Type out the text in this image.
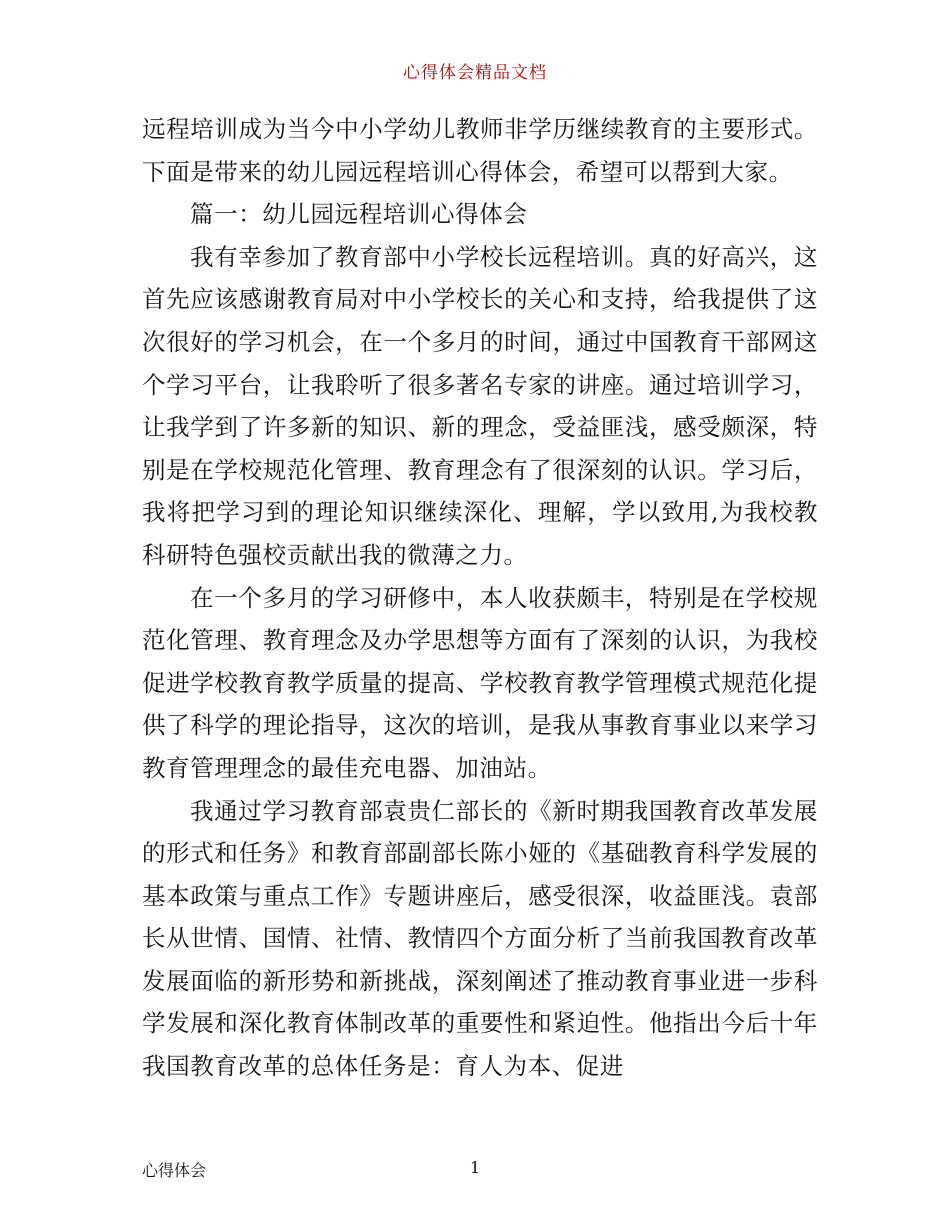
心得体会精品文档

远程培训成为当今中小学幼儿教师非学历继续教育的主要形式。下面是带来的幼儿园远程培训心得体会，希望可以帮到大家。

篇一：幼儿园远程培训心得体会

我有幸参加了教育部中小学校长远程培训。真的好高兴，这首先应该感谢教育局对中小学校长的关心和支持，给我提供了这次很好的学习机会，在一个多月的时间，通过中国教育干部网这个学习平台，让我聆听了很多著名专家的讲座。通过培训学习，让我学到了许多新的知识、新的理念，受益匪浅，感受颇深，特别是在学校规范化管理、教育理念有了很深刻的认识。学习后，我将把学习到的理论知识继续深化、理解，学以致用,为我校教科研特色强校贡献出我的微薄之力。

在一个多月的学习研修中，本人收获颇丰，特别是在学校规范化管理、教育理念及办学思想等方面有了深刻的认识，为我校促进学校教育教学质量的提高、学校教育教学管理模式规范化提供了科学的理论指导，这次的培训，是我从事教育事业以来学习教育管理理念的最佳充电器、加油站。

我通过学习教育部袁贵仁部长的《新时期我国教育改革发展的形式和任务》和教育部副部长陈小娅的《基础教育科学发展的基本政策与重点工作》专题讲座后，感受很深，收益匪浅。袁部长从世情、国情、社情、教情四个方面分析了当前我国教育改革发展面临的新形势和新挑战，深刻阐述了推动教育事业进一步科学发展和深化教育体制改革的重要性和紧迫性。他指出今后十年我国教育改革的总体任务是：育人为本、促进

心得体会	1
